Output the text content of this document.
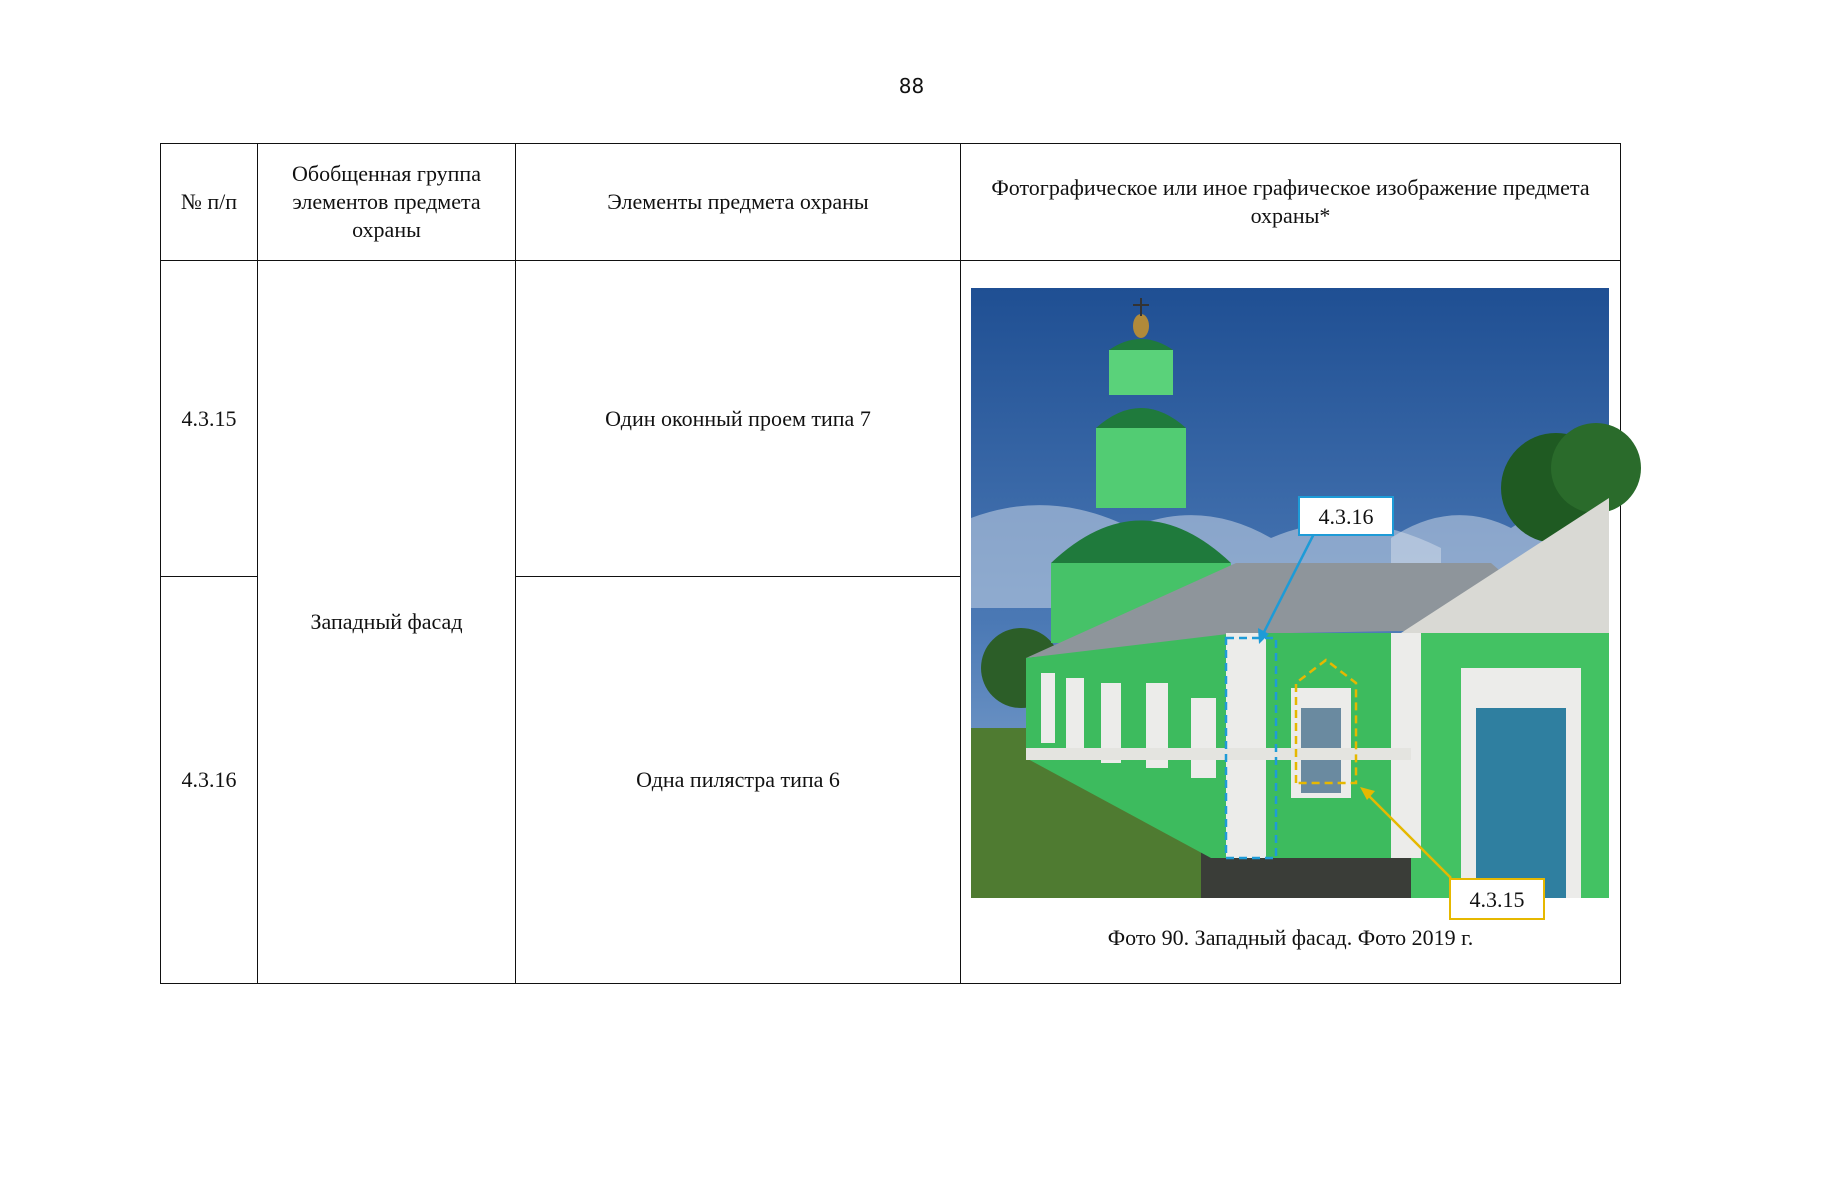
88
№ п/п	Обобщенная группа элементов предмета охраны	Элементы предмета охраны	Фотографическое или иное графическое изображение предмета охраны*
4.3.15	Западный фасад	Один оконный проем типа 7	4.3.16
4.3.15
Фото 90. Западный фасад. Фото 2019 г.

4.3.16		Одна пилястра типа 6	
